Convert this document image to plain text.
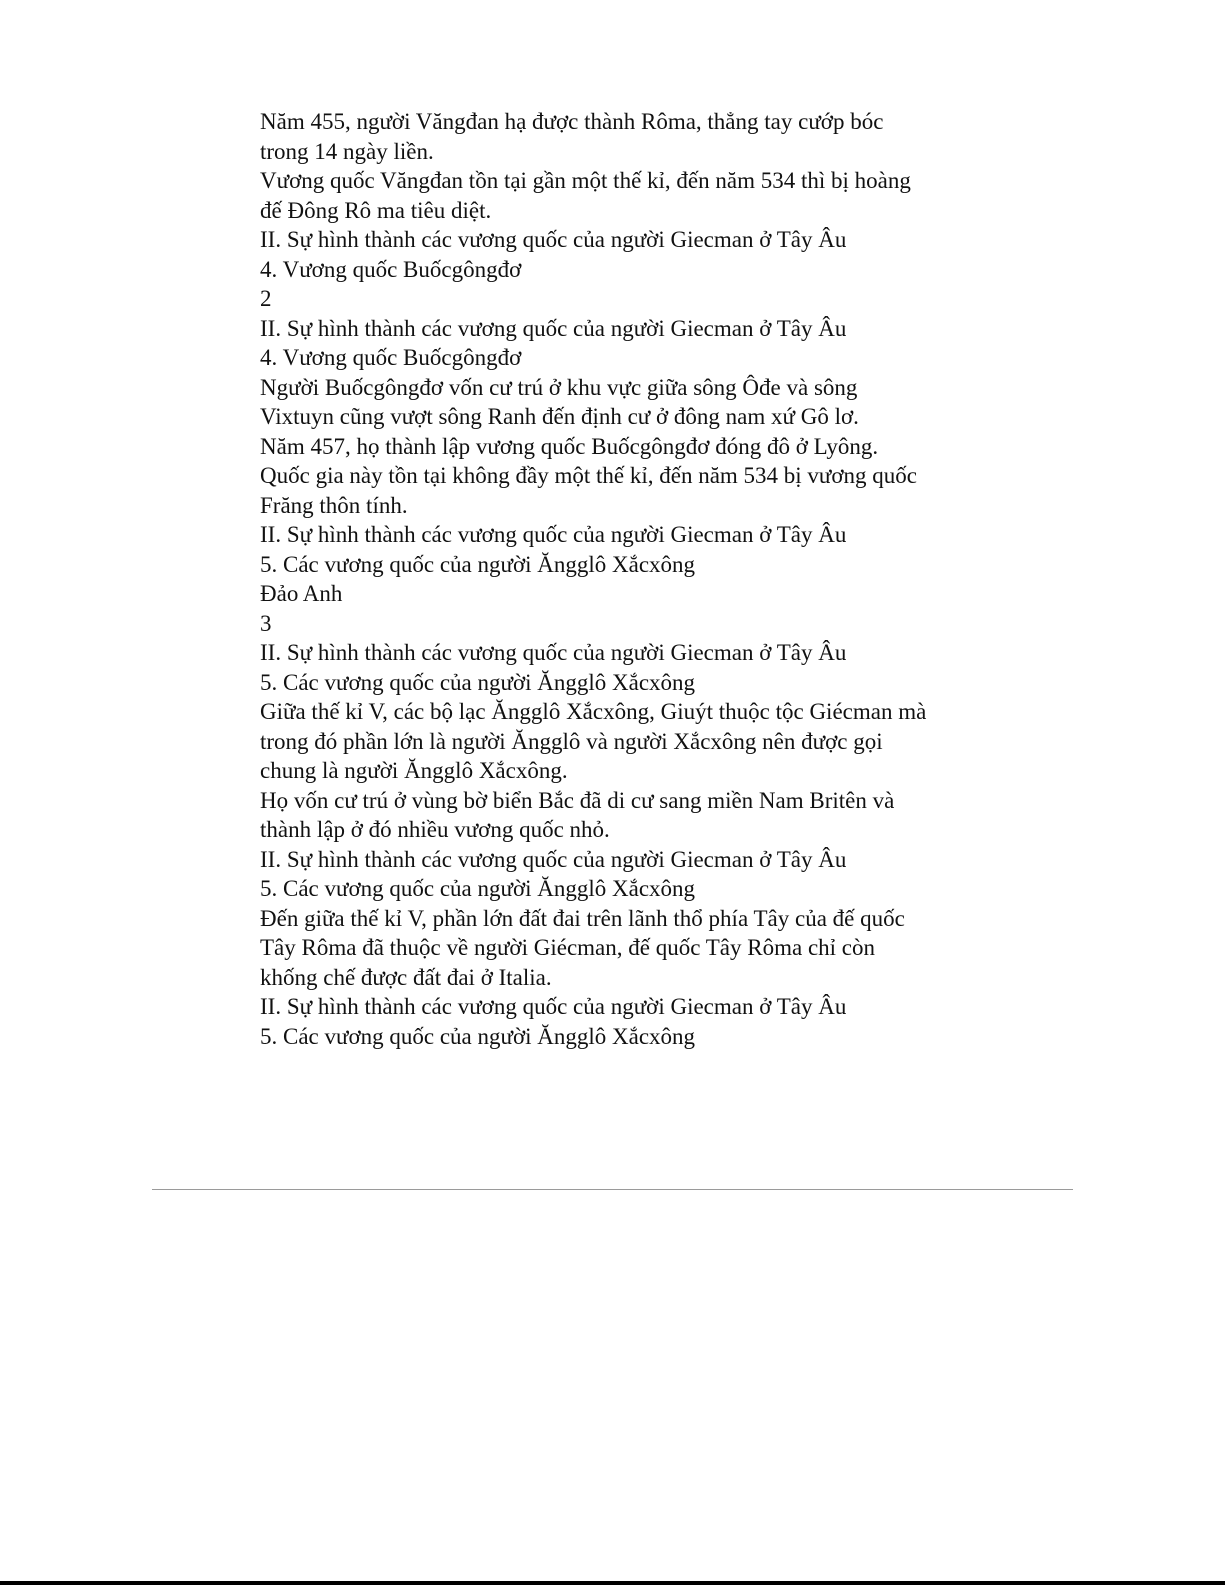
Năm 455, người Văngđan hạ được thành Rôma, thẳng tay cướp bóc
trong 14 ngày liền.
Vương quốc Văngđan tồn tại gần một thế kỉ, đến năm 534 thì bị hoàng
đế Đông Rô ma tiêu diệt.
II. Sự hình thành các vương quốc của người Giecman ở Tây Âu
4. Vương quốc Buốcgôngđơ
2
II. Sự hình thành các vương quốc của người Giecman ở Tây Âu
4. Vương quốc Buốcgôngđơ
Người Buốcgôngđơ vốn cư trú ở khu vực giữa sông Ôđe và sông
Vixtuyn cũng vượt sông Ranh đến định cư ở đông nam xứ Gô lơ.
Năm 457, họ thành lập vương quốc Buốcgôngđơ đóng đô ở Lyông.
Quốc gia này tồn tại không đầy một thế kỉ, đến năm 534 bị vương quốc
Frăng thôn tính.
II. Sự hình thành các vương quốc của người Giecman ở Tây Âu
5. Các vương quốc của người Ăngglô Xắcxông
Đảo Anh
3
II. Sự hình thành các vương quốc của người Giecman ở Tây Âu
5. Các vương quốc của người Ăngglô Xắcxông
Giữa thế kỉ V, các bộ lạc Ăngglô Xắcxông, Giuýt thuộc tộc Giécman mà
trong đó phần lớn là người Ăngglô và người Xắcxông nên được gọi
chung là người Ăngglô Xắcxông.
Họ vốn cư trú ở vùng bờ biển Bắc đã di cư sang miền Nam Britên và
thành lập ở đó nhiều vương quốc nhỏ.
II. Sự hình thành các vương quốc của người Giecman ở Tây Âu
5. Các vương quốc của người Ăngglô Xắcxông
Đến giữa thế kỉ V, phần lớn đất đai trên lãnh thổ phía Tây của đế quốc
Tây Rôma đã thuộc về người Giécman, đế quốc Tây Rôma chỉ còn
khống chế được đất đai ở Italia.
II. Sự hình thành các vương quốc của người Giecman ở Tây Âu
5. Các vương quốc của người Ăngglô Xắcxông
